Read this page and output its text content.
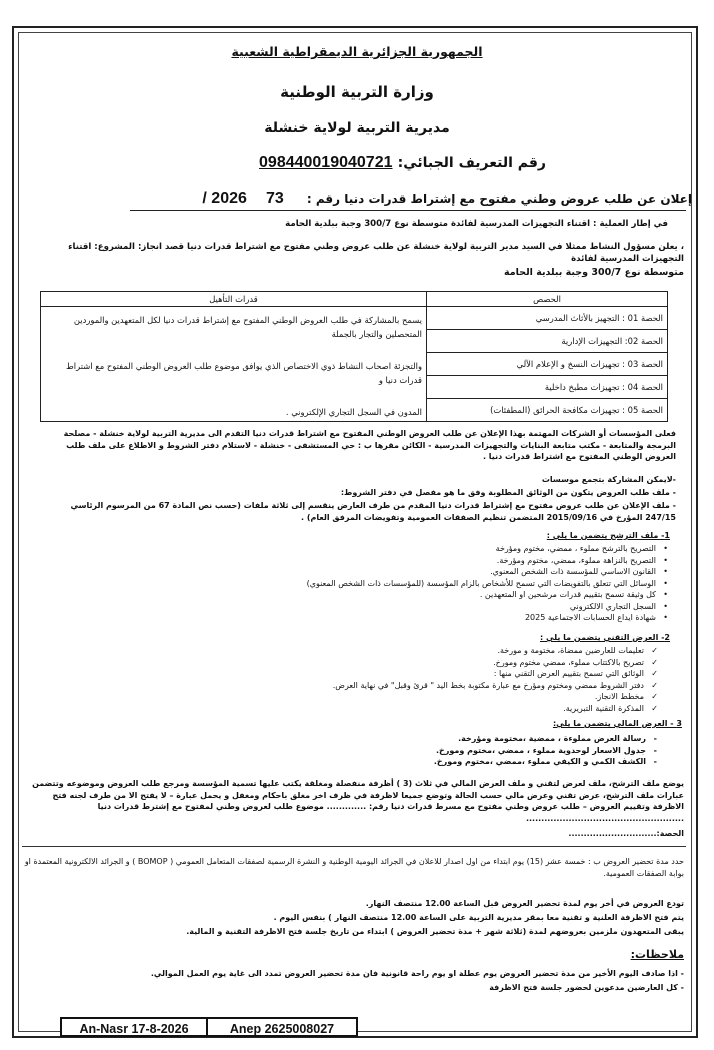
الجمهورية الجزائرية الديمقراطية الشعبية
وزارة التربية الوطنية
مديرية التربية لولاية خنشلة
رقم التعريف الجبائي: 098440019040721
إعلان عن طلب عروض وطني مفتوح مع إشتراط قدرات دنيا رقم : 73 2026 /
في إطار العملية : اقتناء التجهيزات المدرسية لفائدة متوسطة نوع 300/7 وجبة ببلدية الحامة
، يعلن مسؤول النشاط ممثلا في السيد مدير التربية لولاية خنشلة عن طلب عروض وطني مفتوح مع اشتراط قدرات دنيا قصد انجاز: المشروع: اقتناء التجهيزات المدرسية لفائدة
متوسطة نوع 300/7 وجبة ببلدية الحامة
الحصص	قدرات التأهيل
الحصة 01 : التجهيز بالأثاث المدرسي	يسمح بالمشاركة في طلب العروض الوطني المفتوح مع إشتراط قدرات دنيا لكل المتعهدين والموردين المتحصلين والتجار بالجملة
والتجزئة اصحاب النشاط ذوي الاختصاص الذي يوافق موضوع طلب العروض الوطني المفتوح مع اشتراط قدرات دنيا و
المدون في السجل التجاري الإلكتروني .

الحصة 02: التجهيزات الإدارية	
الحصة 03 : تجهيزات النسخ و الإعلام الآلي	
الحصة 04 : تجهيزات مطبخ داخلية	
الحصة 05 : تجهيزات مكافحة الحرائق (المطفئات)	
فعلى المؤسسات أو الشركات المهتمة بهذا الإعلان عن طلب العروض الوطني المفتوح مع اشتراط قدرات دنيا التقدم الى مديرية التربية لولاية خنشلة - مصلحة البرمجة والمتابعة - مكتب متابعة البنايات والتجهيزات المدرسية - الكائن مقرها ب : حي المستشفى - خنشلة - لاستلام دفتر الشروط و الاطلاع على ملف طلب العروض الوطني المفتوح مع اشتراط قدرات دنيا .
-لايمكن المشاركة بتجمع موسسات
- ملف طلب العروض يتكون من الوثائق المطلوبة وفق ما هو مفصل في دفتر الشروط:
- ملف الإعلان عن طلب عروض مفتوح مع إشتراط قدرات دنيا المقدم من طرف العارض ينقسم إلى ثلاثة ملفات (حسب نص المادة 67 من المرسوم الرئاسي 247/15 المؤرخ في 2015/09/16 المتضمن تنظيم الصفقات العمومية وتفويضات المرفق العام) .
1- ملف الترشح يتضمن ما يلي :
• التصريح بالترشح مملوء ، ممضي، مختوم ومؤرخة
• التصريح بالنزاهة مملوء، ممضي، مختوم ومؤرخة.
• القانون الاساسي للمؤسسة ذات الشخص المعنوي.
• الوسائل التي تتعلق بالتفويضات التي تسمح للأشخاص بالزام المؤسسة (للمؤسسات ذات الشخص المعنوي)
• كل وثيقة تسمح بتقييم قدرات مرشحين او المتعهدين .
• السجل التجاري الالكتروني
• شهادة ايداع الحسابات الاجتماعية 2025
2- العرض التقني يتضمن ما يلي :
✓ تعليمات للعارضين ممضاة، مختومة و مورخة.
✓ تصريح بالاكتتاب مملوء، ممضي مختوم ومورخ.
✓ الوثائق التي تسمح بتقييم العرض التقني منها :
✓ دفتر الشروط ممضي ومختوم ومؤرخ مع عبارة مكتوبة بخط اليد " قرئ وقبل" في نهاية العرض.
✓ مخطط الانجاز.
✓ المذكرة التقنية التبريرية.
3 - العرض المالي يتضمن ما يلي:
- رسالة العرض مملوءة ، ممضية ،مختومة ومؤرخة.
- جدول الاسعار لوحدوية مملوء ، ممضي ،مختوم ومورخ.
- الكشف الكمي و الكيفي مملوء ،ممضي ،مختوم ومورخ.
يوضع ملف الترشح، ملف لعرض لتقني و ملف العرض المالي في ثلاث (3 ) أظرفة منفصلة ومغلقة يكتب عليها تسمية المؤسسة ومرجع طلب العروض وموضوعه وتتضمن عبارات ملف الترشح، عرض تقني وعرض مالي حسب الحالة وتوضع جميعا لاظرفة في ظرف اخر مغلق باحكام ومغفل و يحمل عبارة – لا يفتح الا من طرف لجنه فتح الاظرفة وتقييم العروض – طلب عروض وطني مفتوح مع مسرط قدرات دنيا رقم: ............. موضوع طلب لعروض وطني لمفتوح مع إشترط قدرات دنيا ....................................................
الحصة:.............................
حدد مدة تحضير العروض ب : خمسة عشر (15) يوم ابتداء من اول اصدار للاعلان في الجرائد اليومية الوطنية و النشرة الرسمية لصفقات المتعامل العمومي ( BOMOP ) و الجرائد الالكترونية المعتمدة او بوابة الصفقات العمومية.
تودع العروض في أخر يوم لمدة تحضير العروض قبل الساعة 12.00 منتصف النهار.
يتم فتح الاظرفة العلنية و تقنية معا بمقر مديرية التربية على الساعة 12.00 منتصف النهار ) بنفس اليوم .
يبقى المتعهدون ملزمين بعروضهم لمدة (ثلاثة شهر + مدة تحضير العروض ) ابتداء من تاريخ جلسة فتح الاظرفة التقنية و المالية.
ملاحظات:
- اذا صادف اليوم الأخير من مدة تحضير العروض يوم عطلة او يوم راحة قانونية فان مدة تحضير العروض تمدد الى غاية يوم العمل الموالي.
- كل العارضين مدعوين لحضور جلسة فتح الاظرفة
An-Nasr 17-8-2026	Anep 2625008027
